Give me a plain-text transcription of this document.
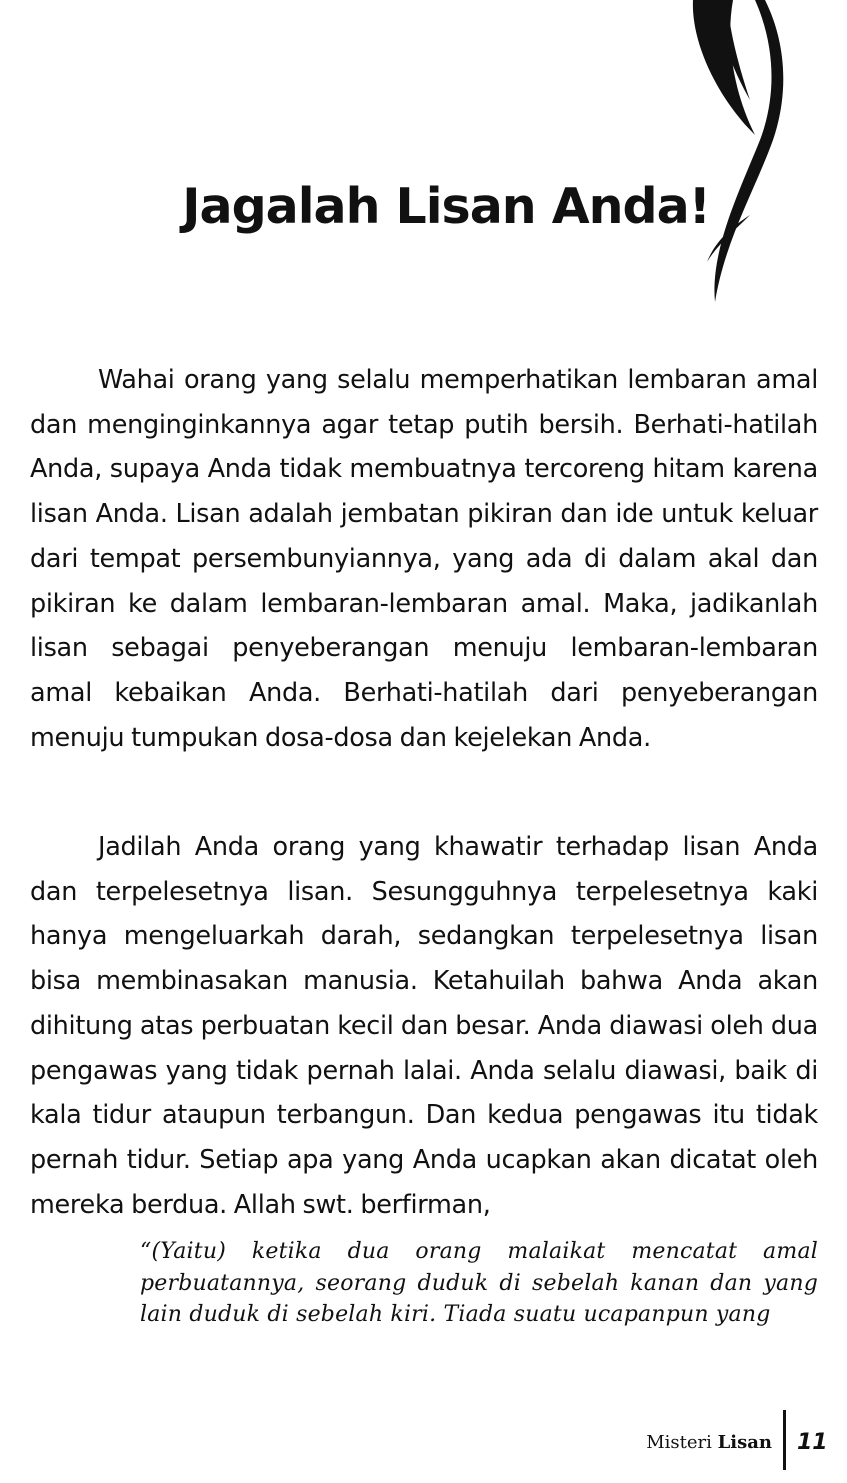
Jagalah Lisan Anda!

Wahai orang yang selalu memperhatikan lembaran amal dan menginginkannya agar tetap putih bersih. Berhati-hatilah Anda, supaya Anda tidak membuatnya tercoreng hitam karena lisan Anda. Lisan adalah jembatan pikiran dan ide untuk keluar dari tempat persembunyiannya, yang ada di dalam akal dan pikiran ke dalam lembaran-lembaran amal. Maka, jadikanlah lisan sebagai penyeberangan menuju lembaran-lembaran amal kebaikan Anda. Berhati-hatilah dari penyeberangan menuju tumpukan dosa-dosa dan kejelekan Anda.

Jadilah Anda orang yang khawatir terhadap lisan Anda dan terpelesetnya lisan. Sesungguhnya terpelesetnya kaki hanya mengeluarkah darah, sedangkan terpelesetnya lisan bisa membinasakan manusia. Ketahuilah bahwa Anda akan dihitung atas perbuatan kecil dan besar. Anda diawasi oleh dua pengawas yang tidak pernah lalai. Anda selalu diawasi, baik di kala tidur ataupun terbangun. Dan kedua pengawas itu tidak pernah tidur. Setiap apa yang Anda ucapkan akan dicatat oleh mereka berdua. Allah swt. berfirman,

“(Yaitu) ketika dua orang malaikat mencatat amal perbuatannya, seorang duduk di sebelah kanan dan yang lain duduk di sebelah kiri. Tiada suatu ucapanpun yang

Misteri Lisan 11
